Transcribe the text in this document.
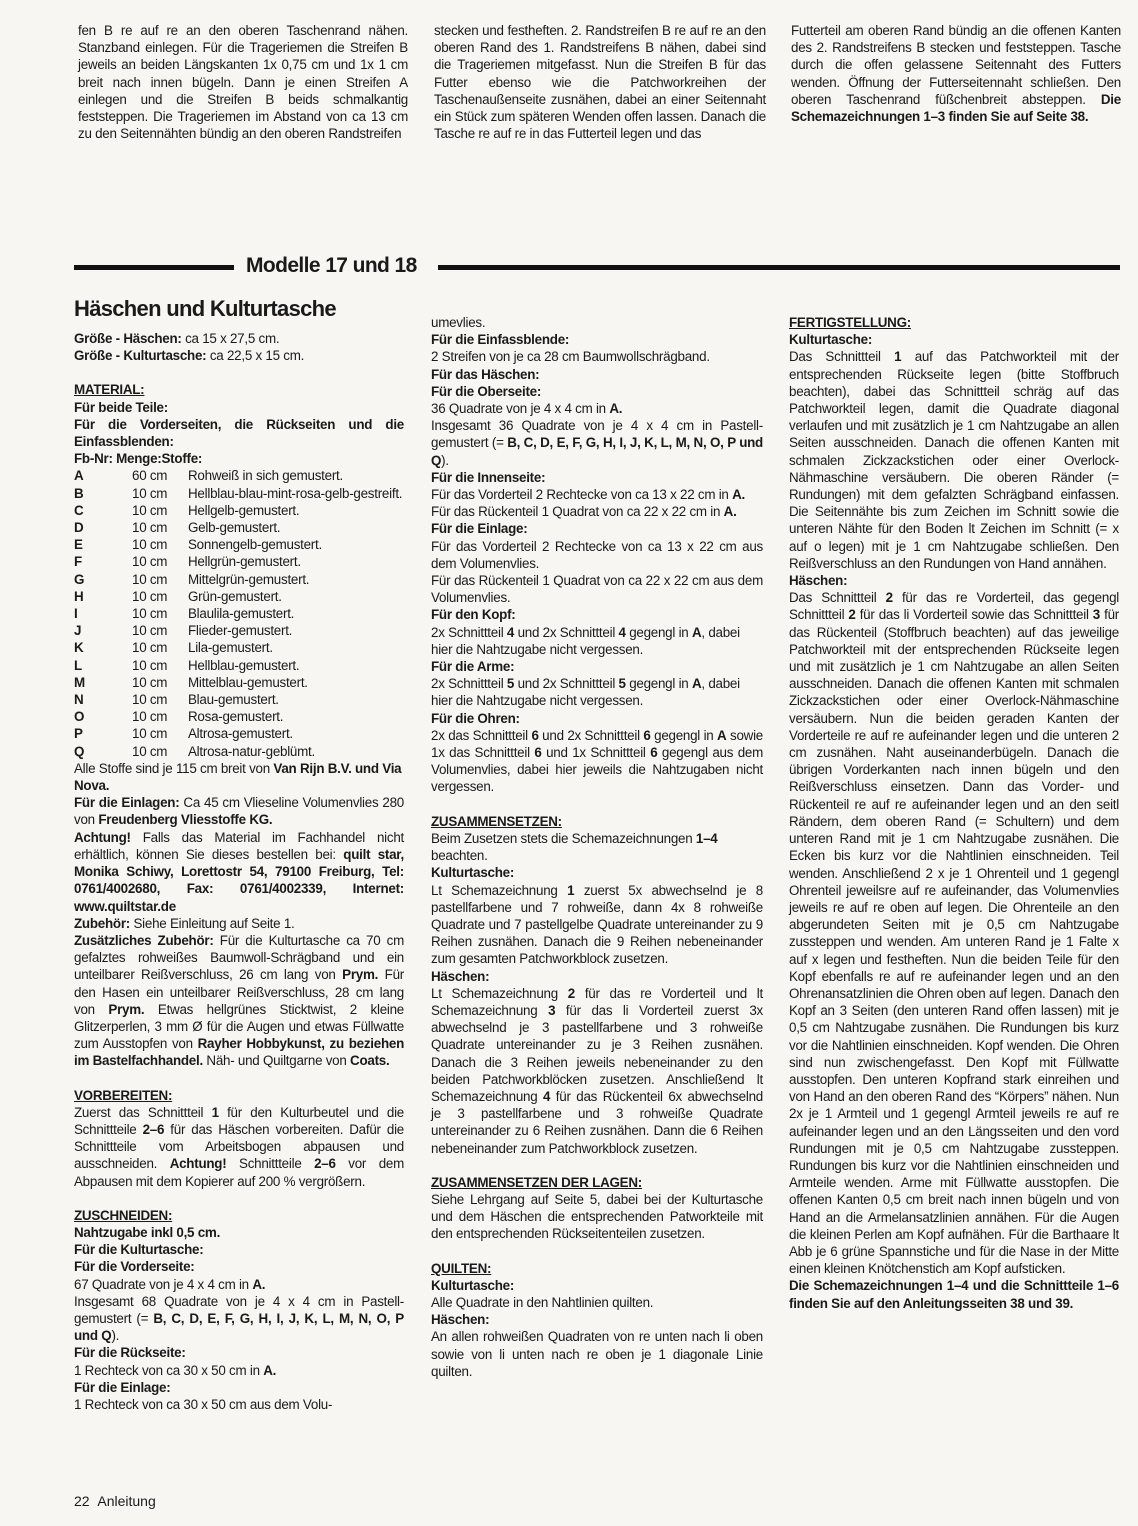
fen B re auf re an den oberen Taschenrand nähen. Stanzband einlegen. Für die Trageriemen die Streifen B jeweils an beiden Längskanten 1x 0,75 cm und 1x 1 cm breit nach innen bügeln. Dann je einen Streifen A einlegen und die Streifen B beids schmalkantig feststeppen. Die Trageriemen im Abstand von ca 13 cm zu den Seitennähten bündig an den oberen Randstreifen

stecken und festheften. 2. Randstreifen B re auf re an den oberen Rand des 1. Randstreifens B nähen, dabei sind die Trageriemen mitgefasst. Nun die Streifen B für das Futter ebenso wie die Patchworkreihen der Taschenaußenseite zusnähen, dabei an einer Seitennaht ein Stück zum späteren Wenden offen lassen. Danach die Tasche re auf re in das Futterteil legen und das

Futterteil am oberen Rand bündig an die offenen Kanten des 2. Randstreifens B stecken und feststeppen. Tasche durch die offen gelassene Seitennaht des Futters wenden. Öffnung der Futterseitennaht schließen. Den oberen Taschenrand füßchenbreit absteppen. Die Schemazeichnungen 1–3 finden Sie auf Seite 38.

Modelle 17 und 18
Häschen und Kulturtasche

Größe - Häschen: ca 15 x 27,5 cm.

Größe - Kulturtasche: ca 22,5 x 15 cm.

MATERIAL:

Für beide Teile:

Für die Vorderseiten, die Rückseiten und die Einfassblenden:

Fb-Nr: Menge:Stoffe:

A	60 cm	Rohweiß in sich gemustert.
B	10 cm	Hellblau-blau-mint-rosa-gelb-gestreift.
C	10 cm	Hellgelb-gemustert.
D	10 cm	Gelb-gemustert.
E	10 cm	Sonnengelb-gemustert.
F	10 cm	Hellgrün-gemustert.
G	10 cm	Mittelgrün-gemustert.
H	10 cm	Grün-gemustert.
I	10 cm	Blaulila-gemustert.
J	10 cm	Flieder-gemustert.
K	10 cm	Lila-gemustert.
L	10 cm	Hellblau-gemustert.
M	10 cm	Mittelblau-gemustert.
N	10 cm	Blau-gemustert.
O	10 cm	Rosa-gemustert.
P	10 cm	Altrosa-gemustert.
Q	10 cm	Altrosa-natur-geblümt.

Alle Stoffe sind je 115 cm breit von Van Rijn B.V. und Via Nova.

Für die Einlagen: Ca 45 cm Vlieseline Volumenvlies 280 von Freudenberg Vliesstoffe KG.

Achtung! Falls das Material im Fachhandel nicht erhältlich, können Sie dieses bestellen bei: quilt star, Monika Schiwy, Lorettostr 54, 79100 Freiburg, Tel: 0761/4002680, Fax: 0761/4002339, Internet: www.quiltstar.de

Zubehör: Siehe Einleitung auf Seite 1.

Zusätzliches Zubehör: Für die Kulturtasche ca 70 cm gefalztes rohweißes Baumwoll-Schrägband und ein unteilbarer Reißverschluss, 26 cm lang von Prym. Für den Hasen ein unteilbarer Reißverschluss, 28 cm lang von Prym. Etwas hellgrünes Sticktwist, 2 kleine Glitzerperlen, 3 mm Ø für die Augen und etwas Füllwatte zum Ausstopfen von Rayher Hobbykunst, zu beziehen im Bastelfachhandel. Näh- und Quiltgarne von Coats.

VORBEREITEN:

Zuerst das Schnittteil 1 für den Kulturbeutel und die Schnittteile 2–6 für das Häschen vorbereiten. Dafür die Schnittteile vom Arbeitsbogen abpausen und ausschneiden. Achtung! Schnittteile 2–6 vor dem Abpausen mit dem Kopierer auf 200 % vergrößern.

ZUSCHNEIDEN:

Nahtzugabe inkl 0,5 cm.

Für die Kulturtasche:

Für die Vorderseite:

67 Quadrate von je 4 x 4 cm in A.

Insgesamt 68 Quadrate von je 4 x 4 cm in Pastell-gemustert (= B, C, D, E, F, G, H, I, J, K, L, M, N, O, P und Q).

Für die Rückseite:

1 Rechteck von ca 30 x 50 cm in A.

Für die Einlage:

1 Rechteck von ca 30 x 50 cm aus dem Volu-

umevlies.

Für die Einfassblende:

2 Streifen von je ca 28 cm Baumwollschrägband.

Für das Häschen:

Für die Oberseite:

36 Quadrate von je 4 x 4 cm in A.

Insgesamt 36 Quadrate von je 4 x 4 cm in Pastell-gemustert (= B, C, D, E, F, G, H, I, J, K, L, M, N, O, P und Q).

Für die Innenseite:

Für das Vorderteil 2 Rechtecke von ca 13 x 22 cm in A.

Für das Rückenteil 1 Quadrat von ca 22 x 22 cm in A.

Für die Einlage:

Für das Vorderteil 2 Rechtecke von ca 13 x 22 cm aus dem Volumenvlies.

Für das Rückenteil 1 Quadrat von ca 22 x 22 cm aus dem Volumenvlies.

Für den Kopf:

2x Schnittteil 4 und 2x Schnittteil 4 gegengl in A, dabei hier die Nahtzugabe nicht vergessen.

Für die Arme:

2x Schnittteil 5 und 2x Schnittteil 5 gegengl in A, dabei hier die Nahtzugabe nicht vergessen.

Für die Ohren:

2x das Schnittteil 6 und 2x Schnittteil 6 gegengl in A sowie 1x das Schnittteil 6 und 1x Schnittteil 6 gegengl aus dem Volumenvlies, dabei hier jeweils die Nahtzugaben nicht vergessen.

ZUSAMMENSETZEN:

Beim Zusetzen stets die Schemazeichnungen 1–4 beachten.

Kulturtasche:

Lt Schemazeichnung 1 zuerst 5x abwechselnd je 8 pastellfarbene und 7 rohweiße, dann 4x 8 rohweiße Quadrate und 7 pastellgelbe Quadrate untereinander zu 9 Reihen zusnähen. Danach die 9 Reihen nebeneinander zum gesamten Patchworkblock zusetzen.

Häschen:

Lt Schemazeichnung 2 für das re Vorderteil und lt Schemazeichnung 3 für das li Vorderteil zuerst 3x abwechselnd je 3 pastellfarbene und 3 rohweiße Quadrate untereinander zu je 3 Reihen zusnähen. Danach die 3 Reihen jeweils nebeneinander zu den beiden Patchworkblöcken zusetzen. Anschließend lt Schemazeichnung 4 für das Rückenteil 6x abwechselnd je 3 pastellfarbene und 3 rohweiße Quadrate untereinander zu 6 Reihen zusnähen. Dann die 6 Reihen nebeneinander zum Patchworkblock zusetzen.

ZUSAMMENSETZEN DER LAGEN:

Siehe Lehrgang auf Seite 5, dabei bei der Kulturtasche und dem Häschen die entsprechenden Patworkteile mit den entsprechenden Rückseitenteilen zusetzen.

QUILTEN:

Kulturtasche:

Alle Quadrate in den Nahtlinien quilten.

Häschen:

An allen rohweißen Quadraten von re unten nach li oben sowie von li unten nach re oben je 1 diagonale Linie quilten.

FERTIGSTELLUNG:

Kulturtasche:

Das Schnittteil 1 auf das Patchworkteil mit der entsprechenden Rückseite legen (bitte Stoffbruch beachten), dabei das Schnittteil schräg auf das Patchworkteil legen, damit die Quadrate diagonal verlaufen und mit zusätzlich je 1 cm Nahtzugabe an allen Seiten ausschneiden. Danach die offenen Kanten mit schmalen Zickzackstichen oder einer Overlock-Nähmaschine versäubern. Die oberen Ränder (= Rundungen) mit dem gefalzten Schrägband einfassen. Die Seitennähte bis zum Zeichen im Schnitt sowie die unteren Nähte für den Boden lt Zeichen im Schnitt (= x auf o legen) mit je 1 cm Nahtzugabe schließen. Den Reißverschluss an den Rundungen von Hand annähen.

Häschen:

Das Schnittteil 2 für das re Vorderteil, das gegengl Schnittteil 2 für das li Vorderteil sowie das Schnittteil 3 für das Rückenteil (Stoffbruch beachten) auf das jeweilige Patchworkteil mit der entsprechenden Rückseite legen und mit zusätzlich je 1 cm Nahtzugabe an allen Seiten ausschneiden. Danach die offenen Kanten mit schmalen Zickzackstichen oder einer Overlock-Nähmaschine versäubern. Nun die beiden geraden Kanten der Vorderteile re auf re aufeinander legen und die unteren 2 cm zusnähen. Naht auseinanderbügeln. Danach die übrigen Vorderkanten nach innen bügeln und den Reißverschluss einsetzen. Dann das Vorder- und Rückenteil re auf re aufeinander legen und an den seitl Rändern, dem oberen Rand (= Schultern) und dem unteren Rand mit je 1 cm Nahtzugabe zusnähen. Die Ecken bis kurz vor die Nahtlinien einschneiden. Teil wenden. Anschließend 2 x je 1 Ohrenteil und 1 gegengl Ohrenteil jeweilsre auf re aufeinander, das Volumenvlies jeweils re auf re oben auf legen. Die Ohrenteile an den abgerundeten Seiten mit je 0,5 cm Nahtzugabe zussteppen und wenden. Am unteren Rand je 1 Falte x auf x legen und festheften. Nun die beiden Teile für den Kopf ebenfalls re auf re aufeinander legen und an den Ohrenansatzlinien die Ohren oben auf legen. Danach den Kopf an 3 Seiten (den unteren Rand offen lassen) mit je 0,5 cm Nahtzugabe zusnähen. Die Rundungen bis kurz vor die Nahtlinien einschneiden. Kopf wenden. Die Ohren sind nun zwischengefasst. Den Kopf mit Füllwatte ausstopfen. Den unteren Kopfrand stark einreihen und von Hand an den oberen Rand des “Körpers” nähen. Nun 2x je 1 Armteil und 1 gegengl Armteil jeweils re auf re aufeinander legen und an den Längsseiten und den vord Rundungen mit je 0,5 cm Nahtzugabe zussteppen. Rundungen bis kurz vor die Nahtlinien einschneiden und Armteile wenden. Arme mit Füllwatte ausstopfen. Die offenen Kanten 0,5 cm breit nach innen bügeln und von Hand an die Armelansatzlinien annähen. Für die Augen die kleinen Perlen am Kopf aufnähen. Für die Barthaare lt Abb je 6 grüne Spannstiche und für die Nase in der Mitte einen kleinen Knötchenstich am Kopf aufsticken.

Die Schemazeichnungen 1–4 und die Schnittteile 1–6 finden Sie auf den Anleitungsseiten 38 und 39.

22 Anleitung
